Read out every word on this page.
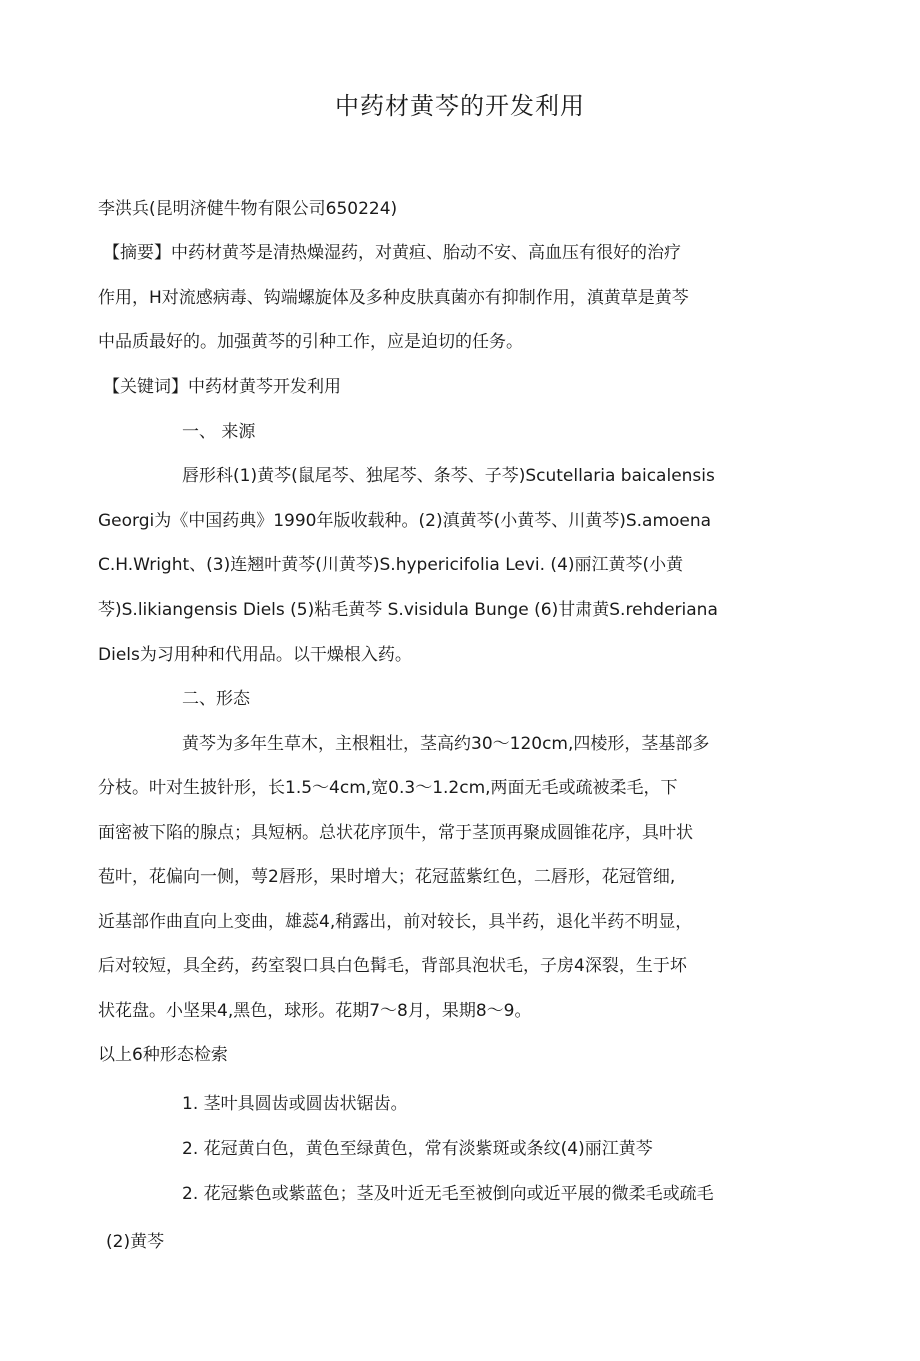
中药材黄芩的开发利用
李洪兵(昆明济健牛物有限公司650224)
【摘要】中药材黄芩是清热燥湿药，对黄疸、胎动不安、高血压有很好的治疗
作用，H对流感病毒、钩端螺旋体及多种皮肤真菌亦有抑制作用，滇黄草是黄芩
中品质最好的。加强黄芩的引种工作，应是迫切的任务。
【关键词】中药材黄芩开发利用
一、 来源
唇形科(1)黄芩(鼠尾芩、独尾芩、条芩、子芩)Scutellaria baicalensis
Georgi为《中国药典》1990年版收载种。(2)滇黄芩(小黄芩、川黄芩)S.amoena
C.H.Wright、(3)连翘叶黄芩(川黄芩)S.hypericifolia Levi. (4)丽江黄芩(小黄
芩)S.likiangensis Diels (5)粘毛黄芩 S.visidula Bunge (6)甘肃黄S.rehderiana
Diels为习用种和代用品。以干燥根入药。
二、形态
黄芩为多年生草木，主根粗壮，茎高约30〜120cm,四棱形，茎基部多
分枝。叶对生披针形，长1.5〜4cm,宽0.3〜1.2cm,两面无毛或疏被柔毛，下
面密被下陷的腺点；具短柄。总状花序顶牛，常于茎顶再聚成圆锥花序，具叶状
苞叶，花偏向一侧，萼2唇形，果时增大；花冠蓝紫红色，二唇形，花冠管细,
近基部作曲直向上变曲，雄蕊4,稍露出，前对较长，具半药，退化半药不明显，
后对较短，具全药，药室裂口具白色髯毛，背部具泡状毛，子房4深裂，生于坏
状花盘。小坚果4,黑色，球形。花期7〜8月，果期8〜9。
以上6种形态检索
1. 茎叶具圆齿或圆齿状锯齿。
2. 花冠黄白色，黄色至绿黄色，常有淡紫斑或条纹(4)丽江黄芩
2. 花冠紫色或紫蓝色；茎及叶近无毛至被倒向或近平展的微柔毛或疏毛
(2)黄芩
